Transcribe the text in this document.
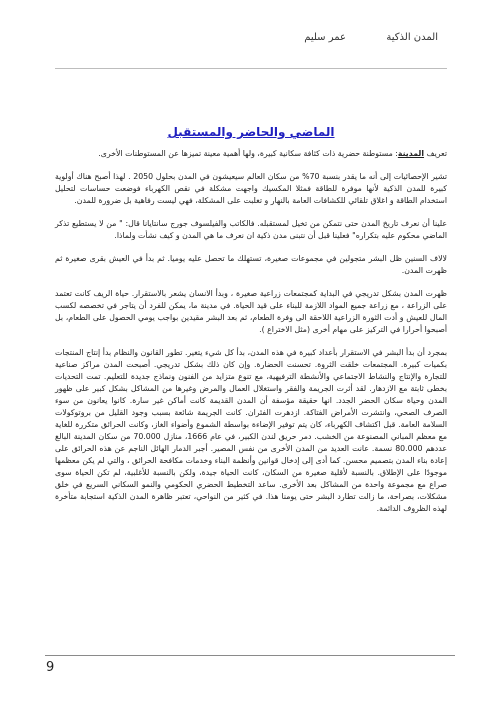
المدن الذكية
عمر سليم
الماضي والحاضر والمستقبل

تعريف المدينة: مستوطنة حضرية ذات كثافة سكانية كبيرة، ولها أهمية معينة تميزها عن المستوطنات الأخرى.

تشير الإحصائيات إلى أنه ما يقدر بنسبة 70% من سكان العالم سيعيشون في المدن بحلول 2050 . لهذا أصبح هناك أولوية كبيرة للمدن الذكية لأنها موفرة للطاقة فمثلا المكسيك واجهت مشكلة في نقص الكهرباء فوضعت حساسات لتحليل استخدام الطاقة و اغلاق تلقائي للكشافات العامة بالنهار و تغلبت على المشكلة، فهي ليست رفاهية بل ضرورة للمدن.

علينا أن نعرف تاريخ المدن حتى نتمكن من تخيل لمستقبله. فالكاتب والفيلسوف جورج سانتايانا قال: " من لا يستطيع تذكر الماضي محكوم عليه بتكراره" فعلينا قبل أن نتبنى مدن ذكية ان نعرف ما هي المدن و كيف نشأت ولماذا.

لالاف السنين ظل البشر متجولين في مجموعات صغيرة، تستهلك ما تحصل عليه يوميا. ثم بدأ في العيش بقرى صغيرة ثم ظهرت المدن.

ظهرت المدن بشكل تدريجي في البداية كمجتمعات زراعية صغيرة ، وبدأ الانسان يشعر بالاستقرار. حياة الريف كانت تعتمد على الزراعة ، مع زراعة جميع المواد اللازمة للبناء على قيد الحياة. في مدينة ما، يمكن للفرد أن يتاجر في تخصصه لكسب المال للعيش و أدت الثورة الزراعية اللاحقة الى وفرة الطعام، ثم بعد البشر مقيدين بواجب يومي الحصول على الطعام، بل أصبحوا أحرارا في التركيز على مهام أخرى (مثل الاختراع ).

بمجرد أن بدأ البشر في الاستقرار بأعداد كبيرة في هذه المدن، بدأ كل شيء يتغير. تطور القانون والنظام بدأ إنتاج المنتجات بكميات كبيرة. المجتمعات خلقت الثروة. تحسنت الحضارة. وإن كان ذلك بشكل تدريجي. أصبحت المدن مراكز صناعية للتجارة والإنتاج والنشاط الاجتماعي والأنشطة الترفيهية، مع تنوع متزايد من الفنون ونماذج جديدة للتعليم. تمت التحديات بخطى ثابتة مع الازدهار. لقد أثرت الجريمة والفقر واستغلال العمال والمرض وغيرها من المشاكل بشكل كبير على ظهور المدن وحياة سكان الحضر الجدد. انها حقيقة مؤسفة أن المدن القديمة كانت أماكن غير سارة. كانوا يعانون من سوء الصرف الصحي، وانتشرت الأمراض الفتاكة. ازدهرت الفئران. كانت الجريمة شائعة بسبب وجود القليل من بروتوكولات السلامة العامة. قبل اكتشاف الكهرباء، كان يتم توفير الإضاءة بواسطة الشموع وأضواء الغاز، وكانت الحرائق متكررة للغاية مع معظم المباني المصنوعة من الخشب. دمر حريق لندن الكبير، في عام 1666، منازل 70.000 من سكان المدينة البالغ عددهم 80.000 نسمة. عانت العديد من المدن الأخرى من نفس المصير. أجبر الدمار الهائل الناجم عن هذه الحرائق على إعادة بناء المدن بتصميم محسن. كما أدى إلى إدخال قوانين وأنظمة البناء وخدمات مكافحة الحرائق ، والتي لم يكن معظمها موجودًا على الإطلاق. بالنسبة لأقلية صغيرة من السكان، كانت الحياة جيدة، ولكن بالنسبة للأغلبية، لم تكن الحياة سوى صراع مع مجموعة واحدة من المشاكل بعد الأخرى. ساعد التخطيط الحضري الحكومي والنمو السكاني السريع في خلق مشكلات، بصراحة، ما زالت تطارد البشر حتى يومنا هذا. في كثير من النواحي، تعتبر ظاهرة المدن الذكية استجابة متأخرة لهذه الظروف الدائمة.

9
